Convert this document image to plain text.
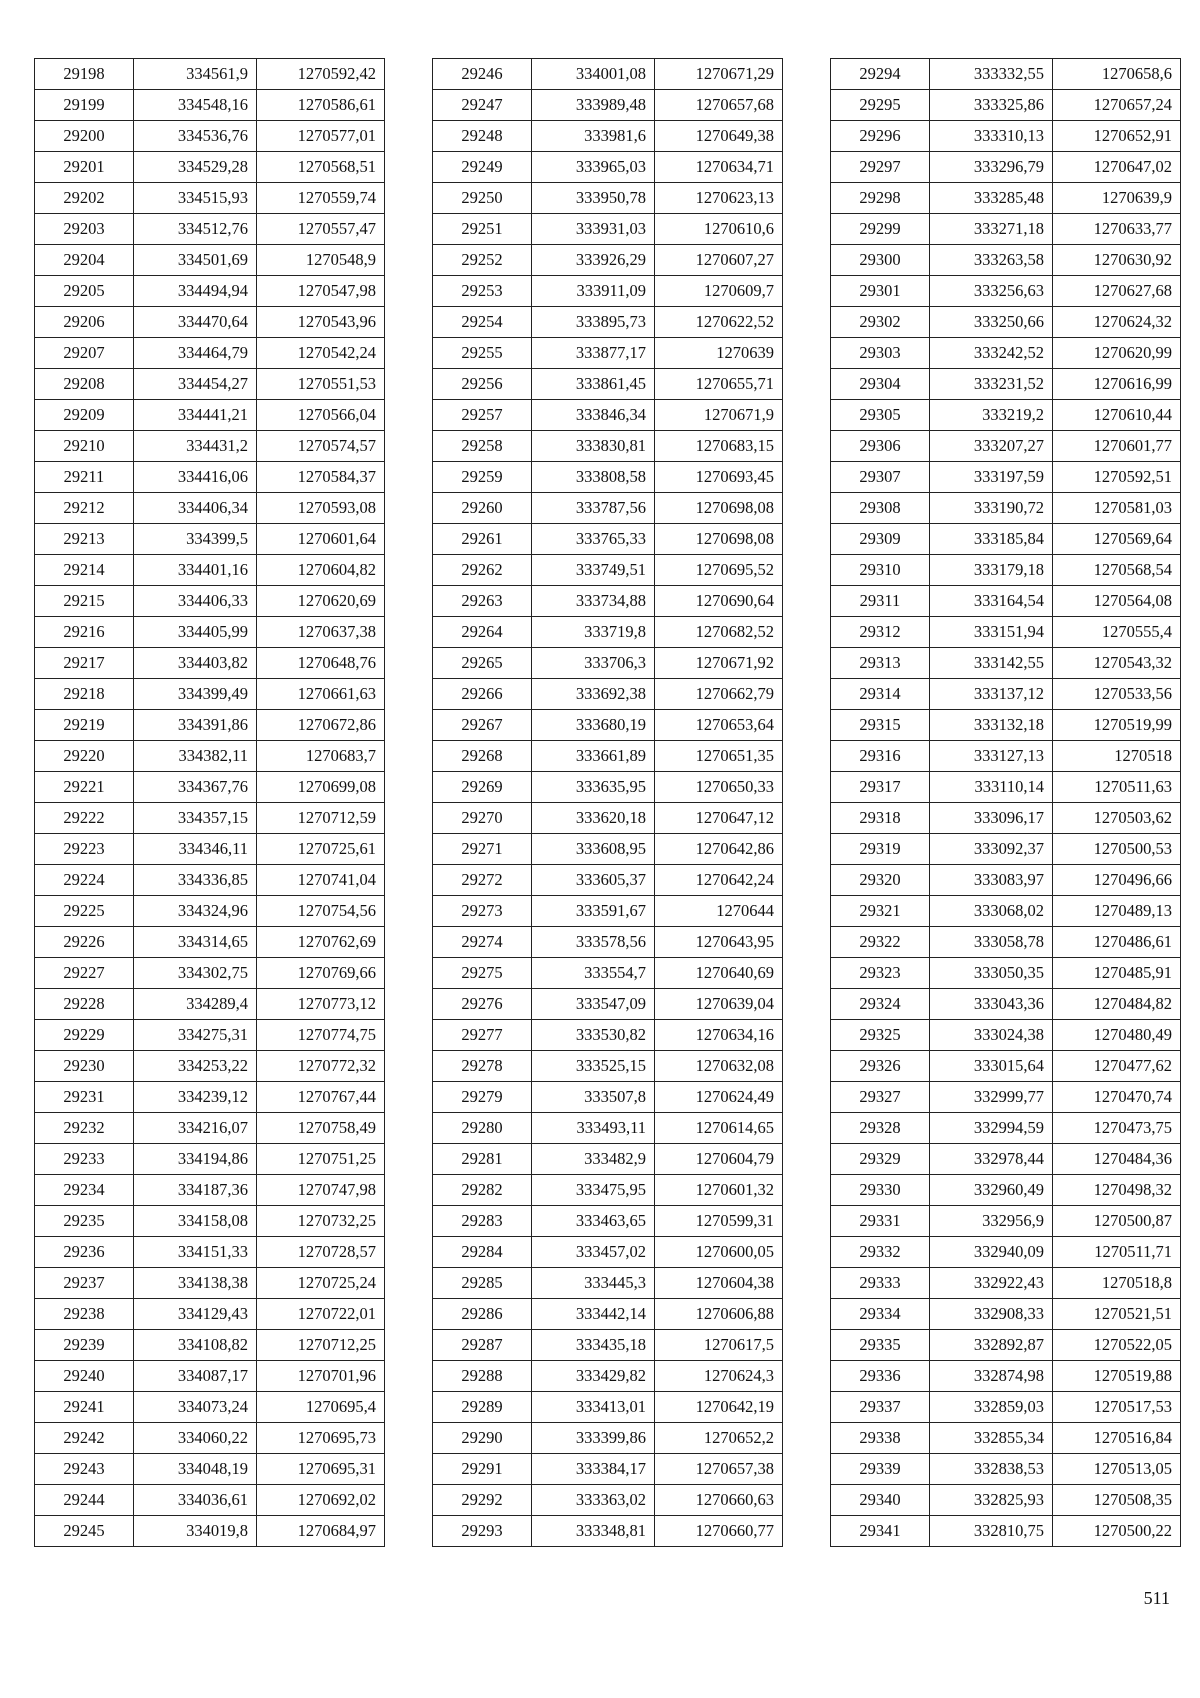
29198	334561,9	1270592,42
29199	334548,16	1270586,61
29200	334536,76	1270577,01
29201	334529,28	1270568,51
29202	334515,93	1270559,74
29203	334512,76	1270557,47
29204	334501,69	1270548,9
29205	334494,94	1270547,98
29206	334470,64	1270543,96
29207	334464,79	1270542,24
29208	334454,27	1270551,53
29209	334441,21	1270566,04
29210	334431,2	1270574,57
29211	334416,06	1270584,37
29212	334406,34	1270593,08
29213	334399,5	1270601,64
29214	334401,16	1270604,82
29215	334406,33	1270620,69
29216	334405,99	1270637,38
29217	334403,82	1270648,76
29218	334399,49	1270661,63
29219	334391,86	1270672,86
29220	334382,11	1270683,7
29221	334367,76	1270699,08
29222	334357,15	1270712,59
29223	334346,11	1270725,61
29224	334336,85	1270741,04
29225	334324,96	1270754,56
29226	334314,65	1270762,69
29227	334302,75	1270769,66
29228	334289,4	1270773,12
29229	334275,31	1270774,75
29230	334253,22	1270772,32
29231	334239,12	1270767,44
29232	334216,07	1270758,49
29233	334194,86	1270751,25
29234	334187,36	1270747,98
29235	334158,08	1270732,25
29236	334151,33	1270728,57
29237	334138,38	1270725,24
29238	334129,43	1270722,01
29239	334108,82	1270712,25
29240	334087,17	1270701,96
29241	334073,24	1270695,4
29242	334060,22	1270695,73
29243	334048,19	1270695,31
29244	334036,61	1270692,02
29245	334019,8	1270684,97
29246	334001,08	1270671,29
29247	333989,48	1270657,68
29248	333981,6	1270649,38
29249	333965,03	1270634,71
29250	333950,78	1270623,13
29251	333931,03	1270610,6
29252	333926,29	1270607,27
29253	333911,09	1270609,7
29254	333895,73	1270622,52
29255	333877,17	1270639
29256	333861,45	1270655,71
29257	333846,34	1270671,9
29258	333830,81	1270683,15
29259	333808,58	1270693,45
29260	333787,56	1270698,08
29261	333765,33	1270698,08
29262	333749,51	1270695,52
29263	333734,88	1270690,64
29264	333719,8	1270682,52
29265	333706,3	1270671,92
29266	333692,38	1270662,79
29267	333680,19	1270653,64
29268	333661,89	1270651,35
29269	333635,95	1270650,33
29270	333620,18	1270647,12
29271	333608,95	1270642,86
29272	333605,37	1270642,24
29273	333591,67	1270644
29274	333578,56	1270643,95
29275	333554,7	1270640,69
29276	333547,09	1270639,04
29277	333530,82	1270634,16
29278	333525,15	1270632,08
29279	333507,8	1270624,49
29280	333493,11	1270614,65
29281	333482,9	1270604,79
29282	333475,95	1270601,32
29283	333463,65	1270599,31
29284	333457,02	1270600,05
29285	333445,3	1270604,38
29286	333442,14	1270606,88
29287	333435,18	1270617,5
29288	333429,82	1270624,3
29289	333413,01	1270642,19
29290	333399,86	1270652,2
29291	333384,17	1270657,38
29292	333363,02	1270660,63
29293	333348,81	1270660,77
29294	333332,55	1270658,6
29295	333325,86	1270657,24
29296	333310,13	1270652,91
29297	333296,79	1270647,02
29298	333285,48	1270639,9
29299	333271,18	1270633,77
29300	333263,58	1270630,92
29301	333256,63	1270627,68
29302	333250,66	1270624,32
29303	333242,52	1270620,99
29304	333231,52	1270616,99
29305	333219,2	1270610,44
29306	333207,27	1270601,77
29307	333197,59	1270592,51
29308	333190,72	1270581,03
29309	333185,84	1270569,64
29310	333179,18	1270568,54
29311	333164,54	1270564,08
29312	333151,94	1270555,4
29313	333142,55	1270543,32
29314	333137,12	1270533,56
29315	333132,18	1270519,99
29316	333127,13	1270518
29317	333110,14	1270511,63
29318	333096,17	1270503,62
29319	333092,37	1270500,53
29320	333083,97	1270496,66
29321	333068,02	1270489,13
29322	333058,78	1270486,61
29323	333050,35	1270485,91
29324	333043,36	1270484,82
29325	333024,38	1270480,49
29326	333015,64	1270477,62
29327	332999,77	1270470,74
29328	332994,59	1270473,75
29329	332978,44	1270484,36
29330	332960,49	1270498,32
29331	332956,9	1270500,87
29332	332940,09	1270511,71
29333	332922,43	1270518,8
29334	332908,33	1270521,51
29335	332892,87	1270522,05
29336	332874,98	1270519,88
29337	332859,03	1270517,53
29338	332855,34	1270516,84
29339	332838,53	1270513,05
29340	332825,93	1270508,35
29341	332810,75	1270500,22
511
